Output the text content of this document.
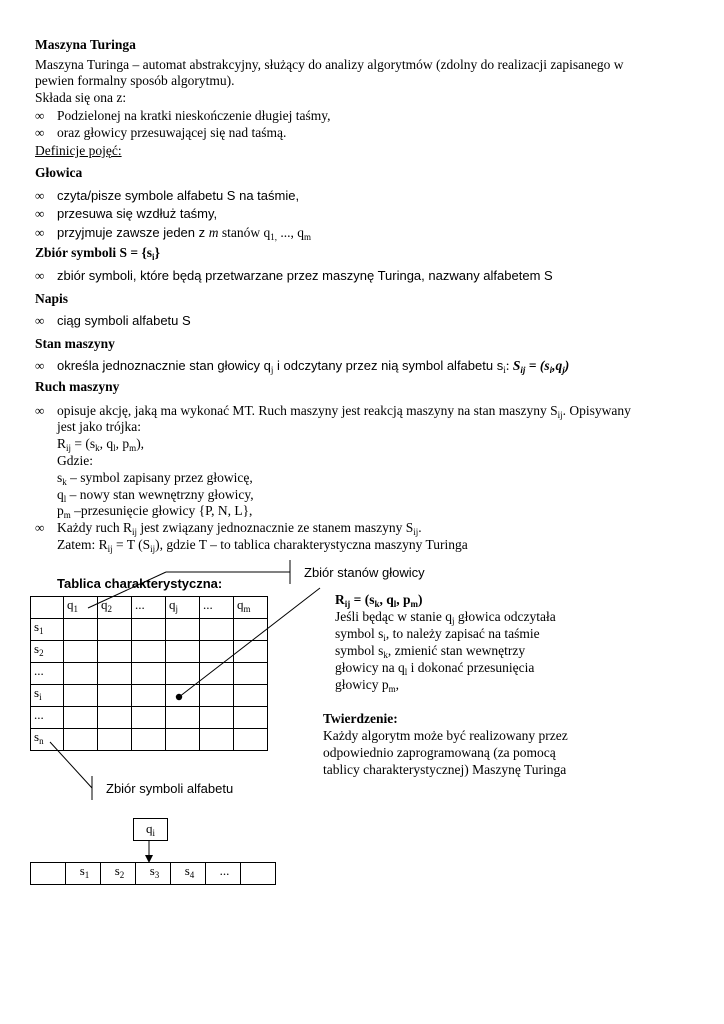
Maszyna Turinga
Maszyna Turinga – automat abstrakcyjny, służący do analizy algorytmów (zdolny do realizacji zapisanego w
pewien formalny sposób algorytmu).
Składa się ona z:
∞ Podzielonej na kratki nieskończenie długiej taśmy,
∞ oraz głowicy przesuwającej się nad taśmą.
Definicje pojęć:
Głowica
∞ czyta/pisze symbole alfabetu S na taśmie,
∞ przesuwa się wzdłuż taśmy,
∞ przyjmuje zawsze jeden z m stanów $q_{1,}$ ..., $q_m$
Zbiór symboli $S = \{s_i\}$
∞ zbiór symboli, które będą przetwarzane przez maszynę Turinga, nazwany alfabetem S
Napis
∞ ciąg symboli alfabetu S
Stan maszyny
∞ określa jednoznacznie stan głowicy $q_j$ i odczytany przez nią symbol alfabetu $s_i$: $S_{ij} = (s_i,q_j)$
Ruch maszyny
∞ opisuje akcję, jaką ma wykonać MT. Ruch maszyny jest reakcją maszyny na stan maszyny $S_{ij}$. Opisywany
jest jako trójka:
$R_{ij} = (s_k$, $q_l$, $p_m$),
Gdzie:
$s_k$ – symbol zapisany przez głowicę,
$q_l$ – nowy stan wewnętrzny głowicy,
$p_m$ –przesunięcie głowicy {P, N, L},
∞ Każdy ruch $R_{ij}$ jest związany jednoznacznie ze stanem maszyny $S_{ij}$.
Zatem: $R_{ij} = T$ $(S_{ij})$, gdzie T – to tablica charakterystyczna maszyny Turinga
Tablica charakterystyczna:
Zbiór stanów głowicy
	$q_1$	$q_2$	...	$q_j$	...	$q_m$
$s_1$						
$s_2$						
...						
$s_i$						
...						
$s_n$						
$R_{ij} = (s_k$, $q_l$, $p_m$)
Jeśli będąc w stanie $q_j$ głowica odczytała
symbol $s_i$, to należy zapisać na taśmie
symbol $s_k$, zmienić stan wewnętrzy
głowicy na $q_l$ i dokonać przesunięcia
głowicy $p_m$,
Twierdzenie:
Każdy algorytm może być realizowany przez
odpowiednio zaprogramowaną (za pomocą
tablicy charakterystycznej) Maszynę Turinga
Zbiór symboli alfabetu
$q_i$
	$s_1$	$s_2$	$s_3$	$s_4$	...	
